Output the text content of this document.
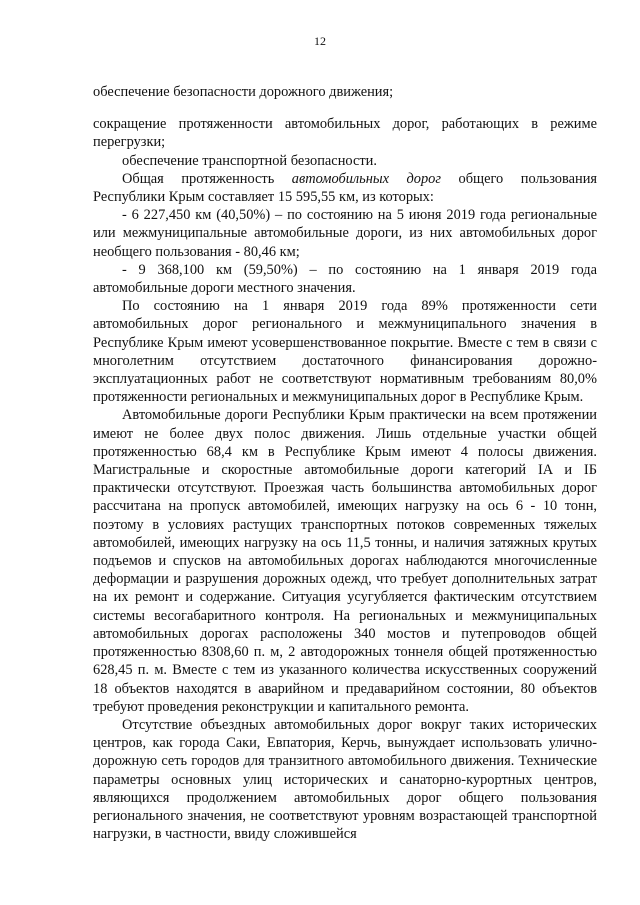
12

обеспечение безопасности дорожного движения;

сокращение протяженности автомобильных дорог, работающих в режиме перегрузки;

обеспечение транспортной безопасности.

Общая протяженность автомобильных дорог общего пользования Республики Крым составляет 15 595,55 км, из которых:

- 6 227,450 км (40,50%) – по состоянию на 5 июня 2019 года региональные или межмуниципальные автомобильные дороги, из них автомобильных дорог необщего пользования - 80,46 км;

- 9 368,100 км (59,50%) – по состоянию на 1 января 2019 года автомобильные дороги местного значения.

По состоянию на 1 января 2019 года 89% протяженности сети автомобильных дорог регионального и межмуниципального значения в Республике Крым имеют усовершенствованное покрытие. Вместе с тем в связи с многолетним отсутствием достаточного финансирования дорожно-эксплуатационных работ не соответствуют нормативным требованиям 80,0% протяженности региональных и межмуниципальных дорог в Республике Крым.

Автомобильные дороги Республики Крым практически на всем протяжении имеют не более двух полос движения. Лишь отдельные участки общей протяженностью 68,4 км в Республике Крым имеют 4 полосы движения. Магистральные и скоростные автомобильные дороги категорий IA и IБ практически отсутствуют. Проезжая часть большинства автомобильных дорог рассчитана на пропуск автомобилей, имеющих нагрузку на ось 6 - 10 тонн, поэтому в условиях растущих транспортных потоков современных тяжелых автомобилей, имеющих нагрузку на ось 11,5 тонны, и наличия затяжных крутых подъемов и спусков на автомобильных дорогах наблюдаются многочисленные деформации и разрушения дорожных одежд, что требует дополнительных затрат на их ремонт и содержание. Ситуация усугубляется фактическим отсутствием системы весогабаритного контроля. На региональных и межмуниципальных автомобильных дорогах расположены 340 мостов и путепроводов общей протяженностью 8308,60 п. м, 2 автодорожных тоннеля общей протяженностью 628,45 п. м. Вместе с тем из указанного количества искусственных сооружений 18 объектов находятся в аварийном и предаварийном состоянии, 80 объектов требуют проведения реконструкции и капитального ремонта.

Отсутствие объездных автомобильных дорог вокруг таких исторических центров, как города Саки, Евпатория, Керчь, вынуждает использовать улично-дорожную сеть городов для транзитного автомобильного движения. Технические параметры основных улиц исторических и санаторно-курортных центров, являющихся продолжением автомобильных дорог общего пользования регионального значения, не соответствуют уровням возрастающей транспортной нагрузки, в частности, ввиду сложившейся
